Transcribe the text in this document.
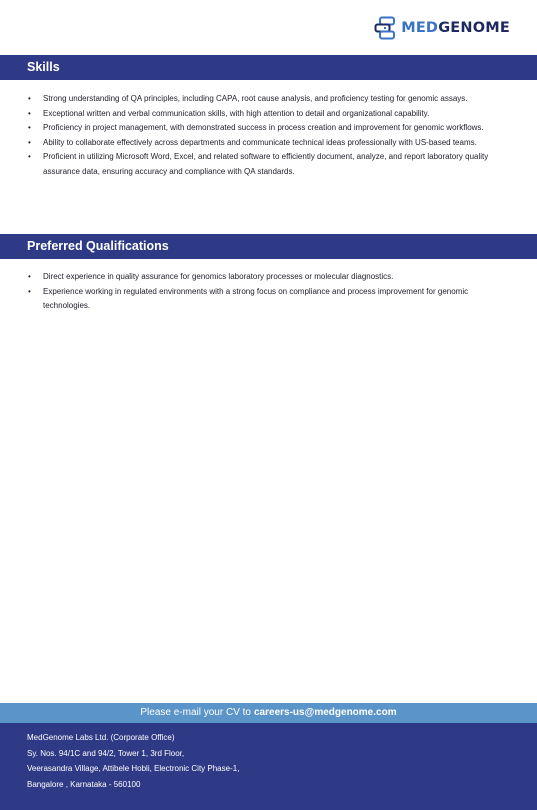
MEDGENOME
Skills
• Strong understanding of QA principles, including CAPA, root cause analysis, and proficiency testing for genomic assays.
• Exceptional written and verbal communication skills, with high attention to detail and organizational capability.
• Proficiency in project management, with demonstrated success in process creation and improvement for genomic workflows.
• Ability to collaborate effectively across departments and communicate technical ideas professionally with US-based teams.
• Proficient in utilizing Microsoft Word, Excel, and related software to efficiently document, analyze, and report laboratory quality assurance data, ensuring accuracy and compliance with QA standards.
Preferred Qualifications
• Direct experience in quality assurance for genomics laboratory processes or molecular diagnostics.
• Experience working in regulated environments with a strong focus on compliance and process improvement for genomic technologies.
Please e-mail your CV to careers-us@medgenome.com
MedGenome Labs Ltd. (Corporate Office)
Sy. Nos. 94/1C and 94/2, Tower 1, 3rd Floor,
Veerasandra Village, Attibele Hobli, Electronic City Phase-1,
Bangalore , Karnataka - 560100
